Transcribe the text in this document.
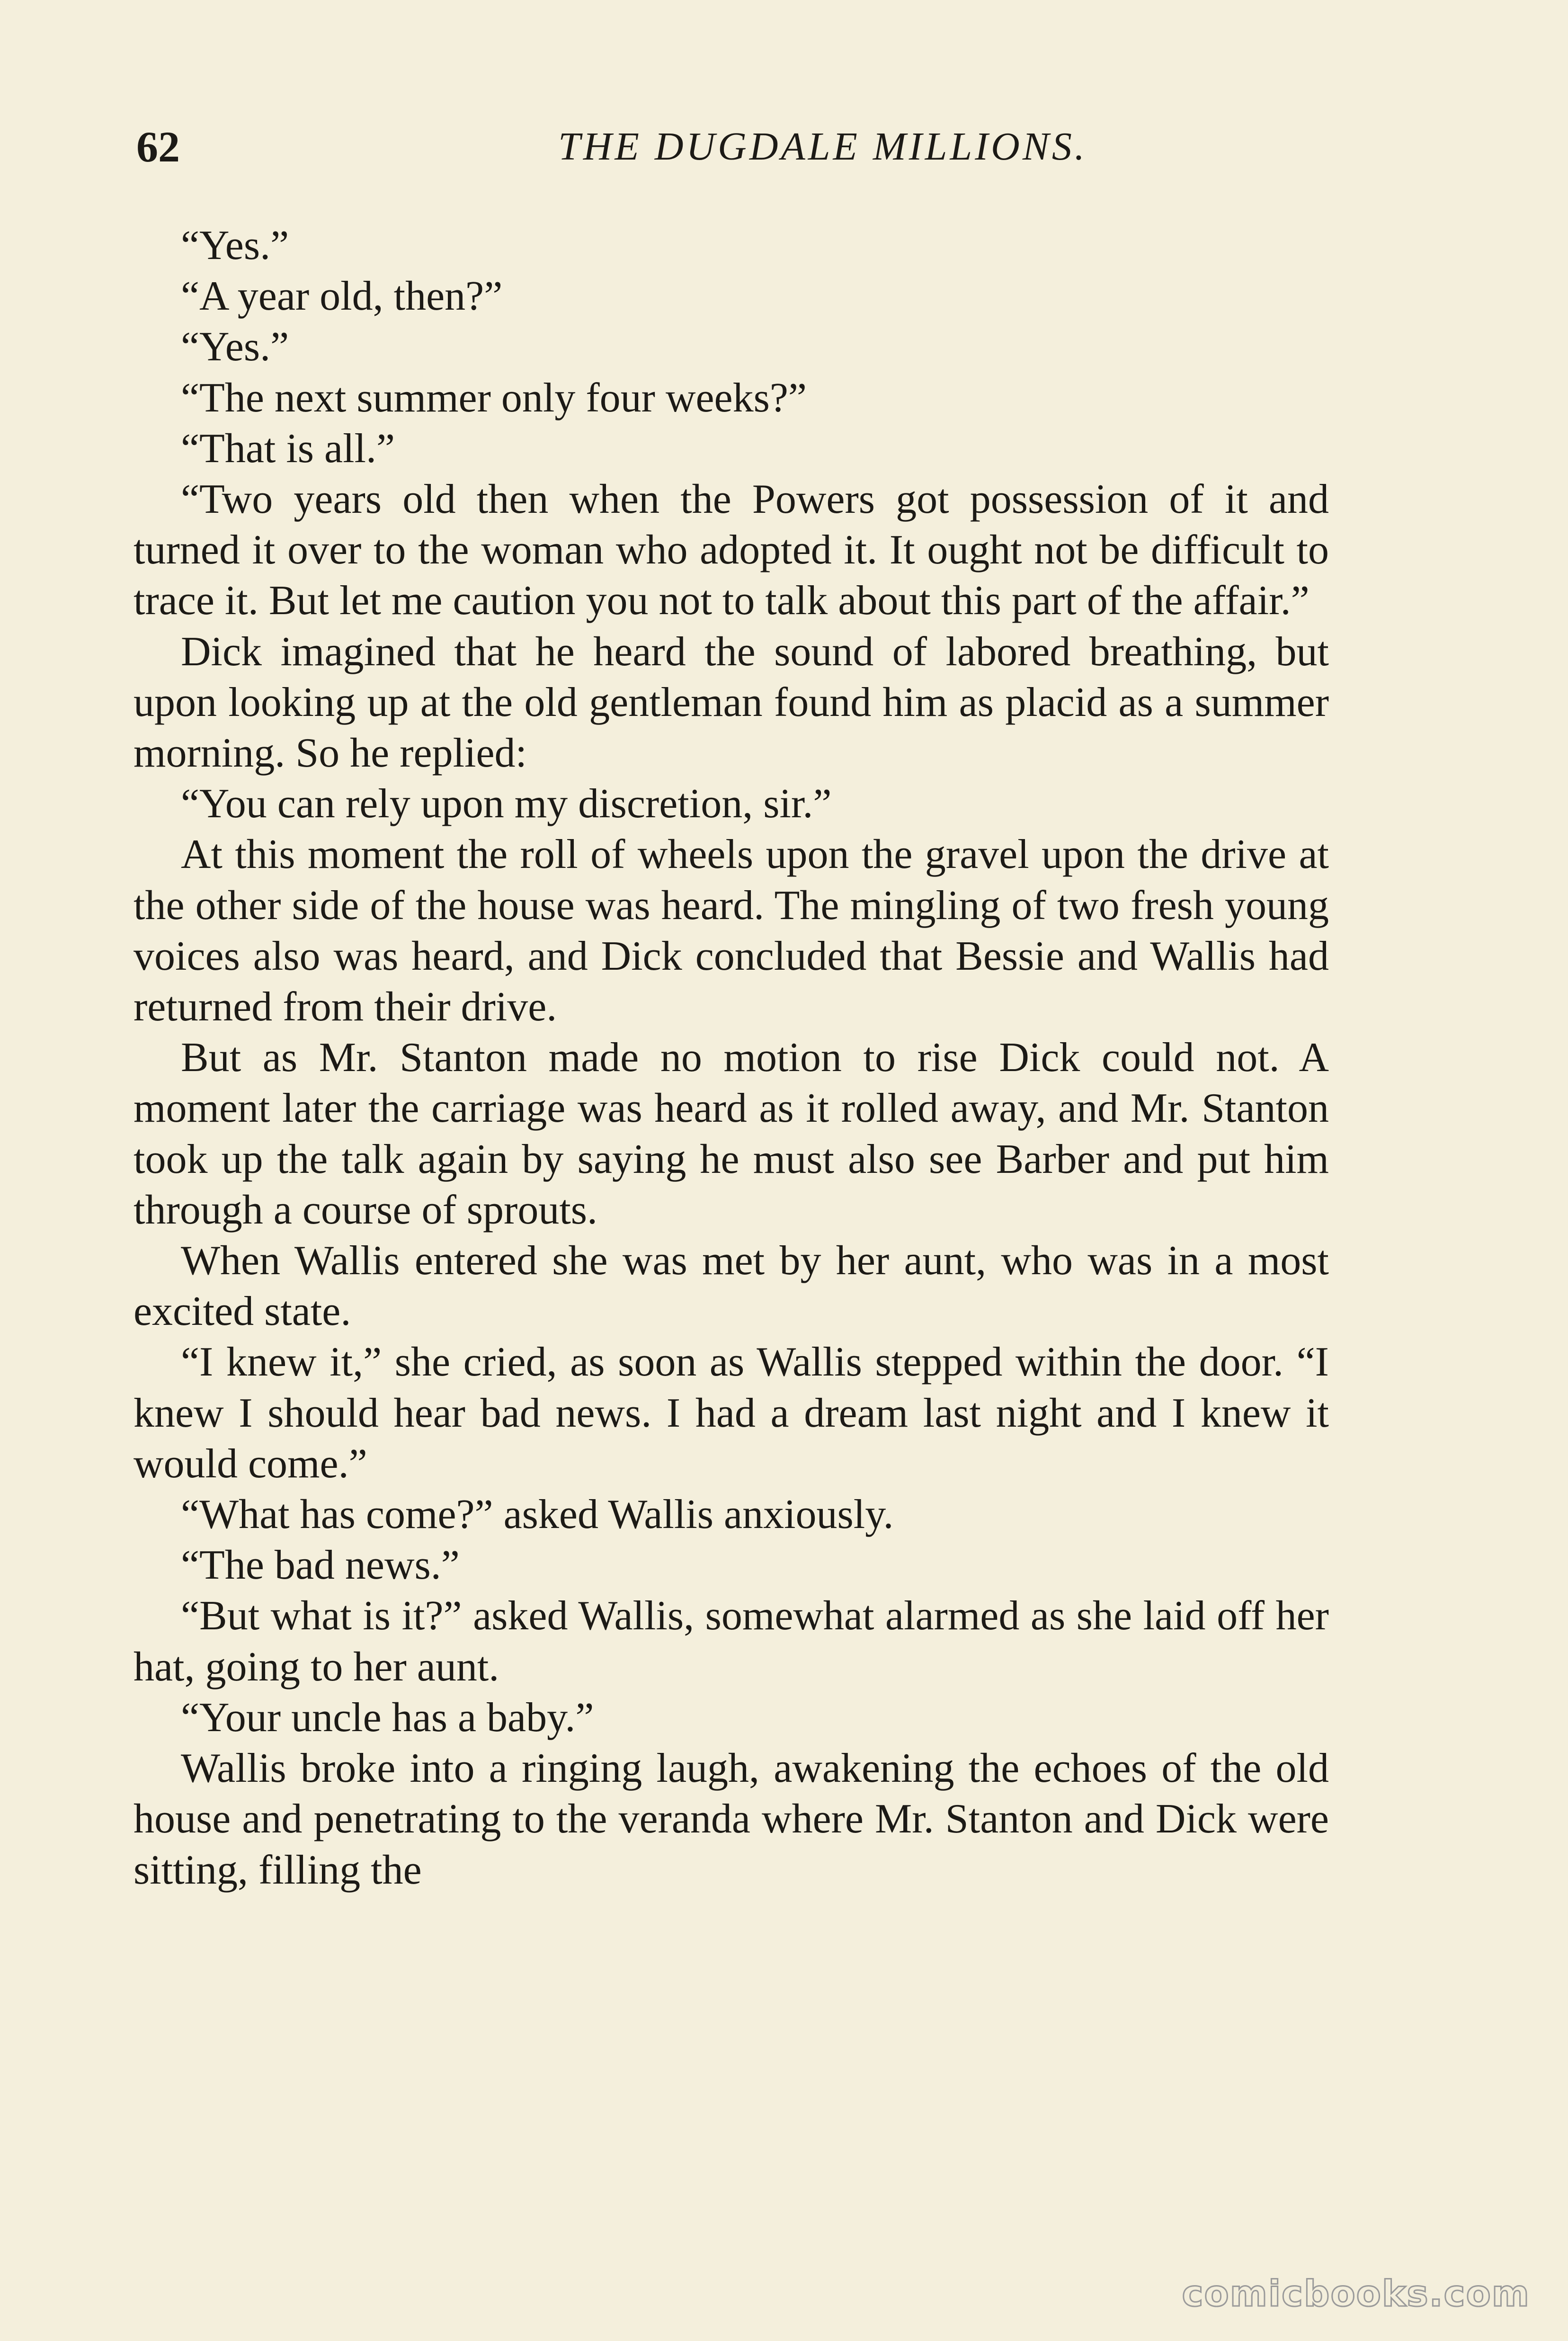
62	THE DUGDALE MILLIONS.

“Yes.”

“A year old, then?”

“Yes.”

“The next summer only four weeks?”

“That is all.”

“Two years old then when the Powers got possession of it and turned it over to the woman who adopted it. It ought not be difficult to trace it. But let me caution you not to talk about this part of the affair.”

Dick imagined that he heard the sound of labored breathing, but upon looking up at the old gentleman found him as placid as a summer morning. So he replied:

“You can rely upon my discretion, sir.”

At this moment the roll of wheels upon the gravel upon the drive at the other side of the house was heard. The mingling of two fresh young voices also was heard, and Dick concluded that Bessie and Wallis had returned from their drive.

But as Mr. Stanton made no motion to rise Dick could not. A moment later the carriage was heard as it rolled away, and Mr. Stanton took up the talk again by saying he must also see Barber and put him through a course of sprouts.

When Wallis entered she was met by her aunt, who was in a most excited state.

“I knew it,” she cried, as soon as Wallis stepped within the door. “I knew I should hear bad news. I had a dream last night and I knew it would come.”

“What has come?” asked Wallis anxiously.

“The bad news.”

“But what is it?” asked Wallis, somewhat alarmed as she laid off her hat, going to her aunt.

“Your uncle has a baby.”

Wallis broke into a ringing laugh, awakening the echoes of the old house and penetrating to the veranda where Mr. Stanton and Dick were sitting, filling the

comicbooks.com
